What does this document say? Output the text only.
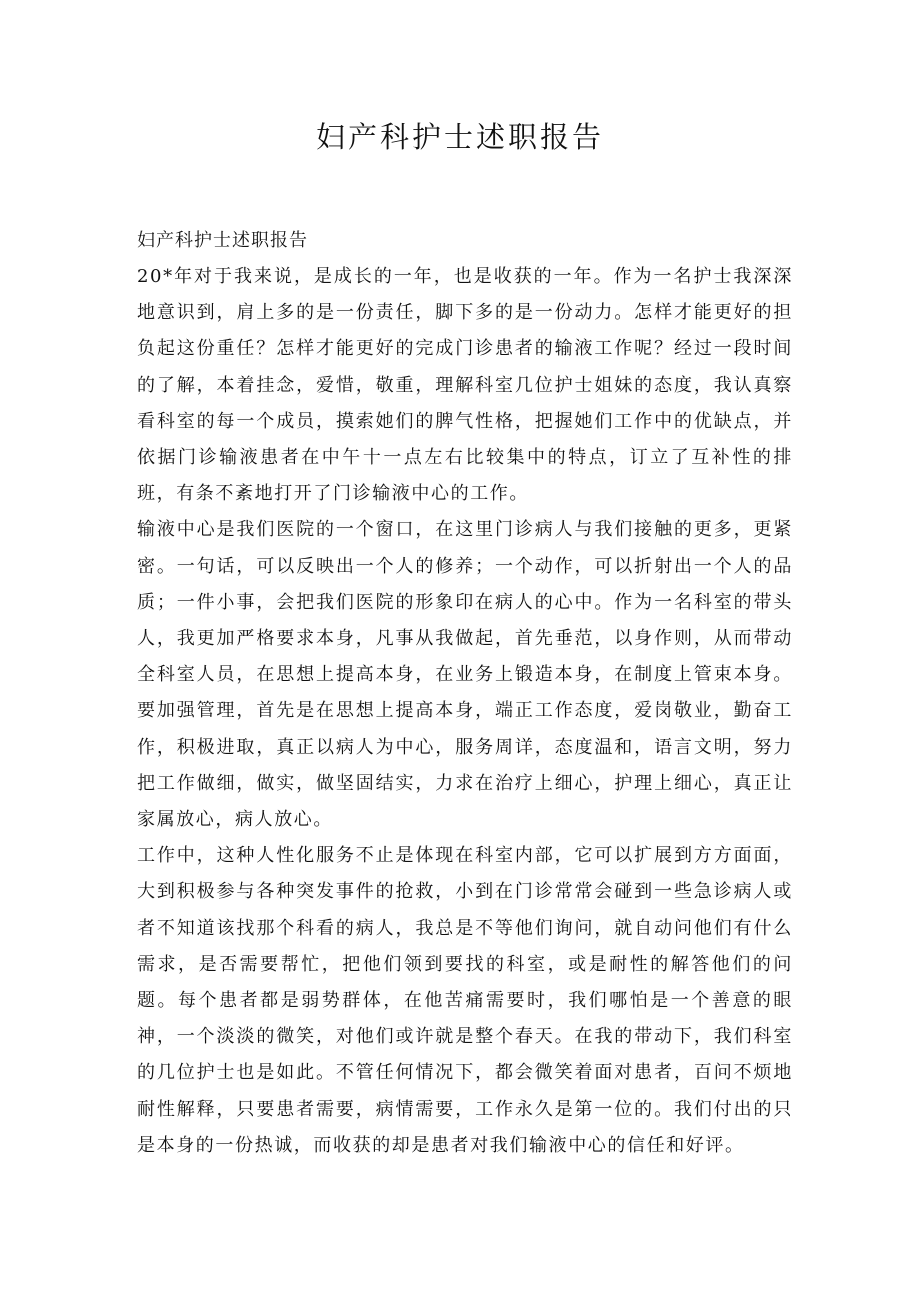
妇产科护士述职报告

妇产科护士述职报告

20*年对于我来说，是成长的一年，也是收获的一年。作为一名护士我深深地意识到，肩上多的是一份责任，脚下多的是一份动力。怎样才能更好的担负起这份重任？怎样才能更好的完成门诊患者的输液工作呢？经过一段时间的了解，本着挂念，爱惜，敬重，理解科室几位护士姐妹的态度，我认真察看科室的每一个成员，摸索她们的脾气性格，把握她们工作中的优缺点，并依据门诊输液患者在中午十一点左右比较集中的特点，订立了互补性的排班，有条不紊地打开了门诊输液中心的工作。

输液中心是我们医院的一个窗口，在这里门诊病人与我们接触的更多，更紧密。一句话，可以反映出一个人的修养；一个动作，可以折射出一个人的品质；一件小事，会把我们医院的形象印在病人的心中。作为一名科室的带头人，我更加严格要求本身，凡事从我做起，首先垂范，以身作则，从而带动全科室人员，在思想上提高本身，在业务上锻造本身，在制度上管束本身。要加强管理，首先是在思想上提高本身，端正工作态度，爱岗敬业，勤奋工作，积极进取，真正以病人为中心，服务周详，态度温和，语言文明，努力把工作做细，做实，做坚固结实，力求在治疗上细心，护理上细心，真正让家属放心，病人放心。

工作中，这种人性化服务不止是体现在科室内部，它可以扩展到方方面面，大到积极参与各种突发事件的抢救，小到在门诊常常会碰到一些急诊病人或者不知道该找那个科看的病人，我总是不等他们询问，就自动问他们有什么需求，是否需要帮忙，把他们领到要找的科室，或是耐性的解答他们的问题。每个患者都是弱势群体，在他苦痛需要时，我们哪怕是一个善意的眼神，一个淡淡的微笑，对他们或许就是整个春天。在我的带动下，我们科室的几位护士也是如此。不管任何情况下，都会微笑着面对患者，百问不烦地耐性解释，只要患者需要，病情需要，工作永久是第一位的。我们付出的只是本身的一份热诚，而收获的却是患者对我们输液中心的信任和好评。
